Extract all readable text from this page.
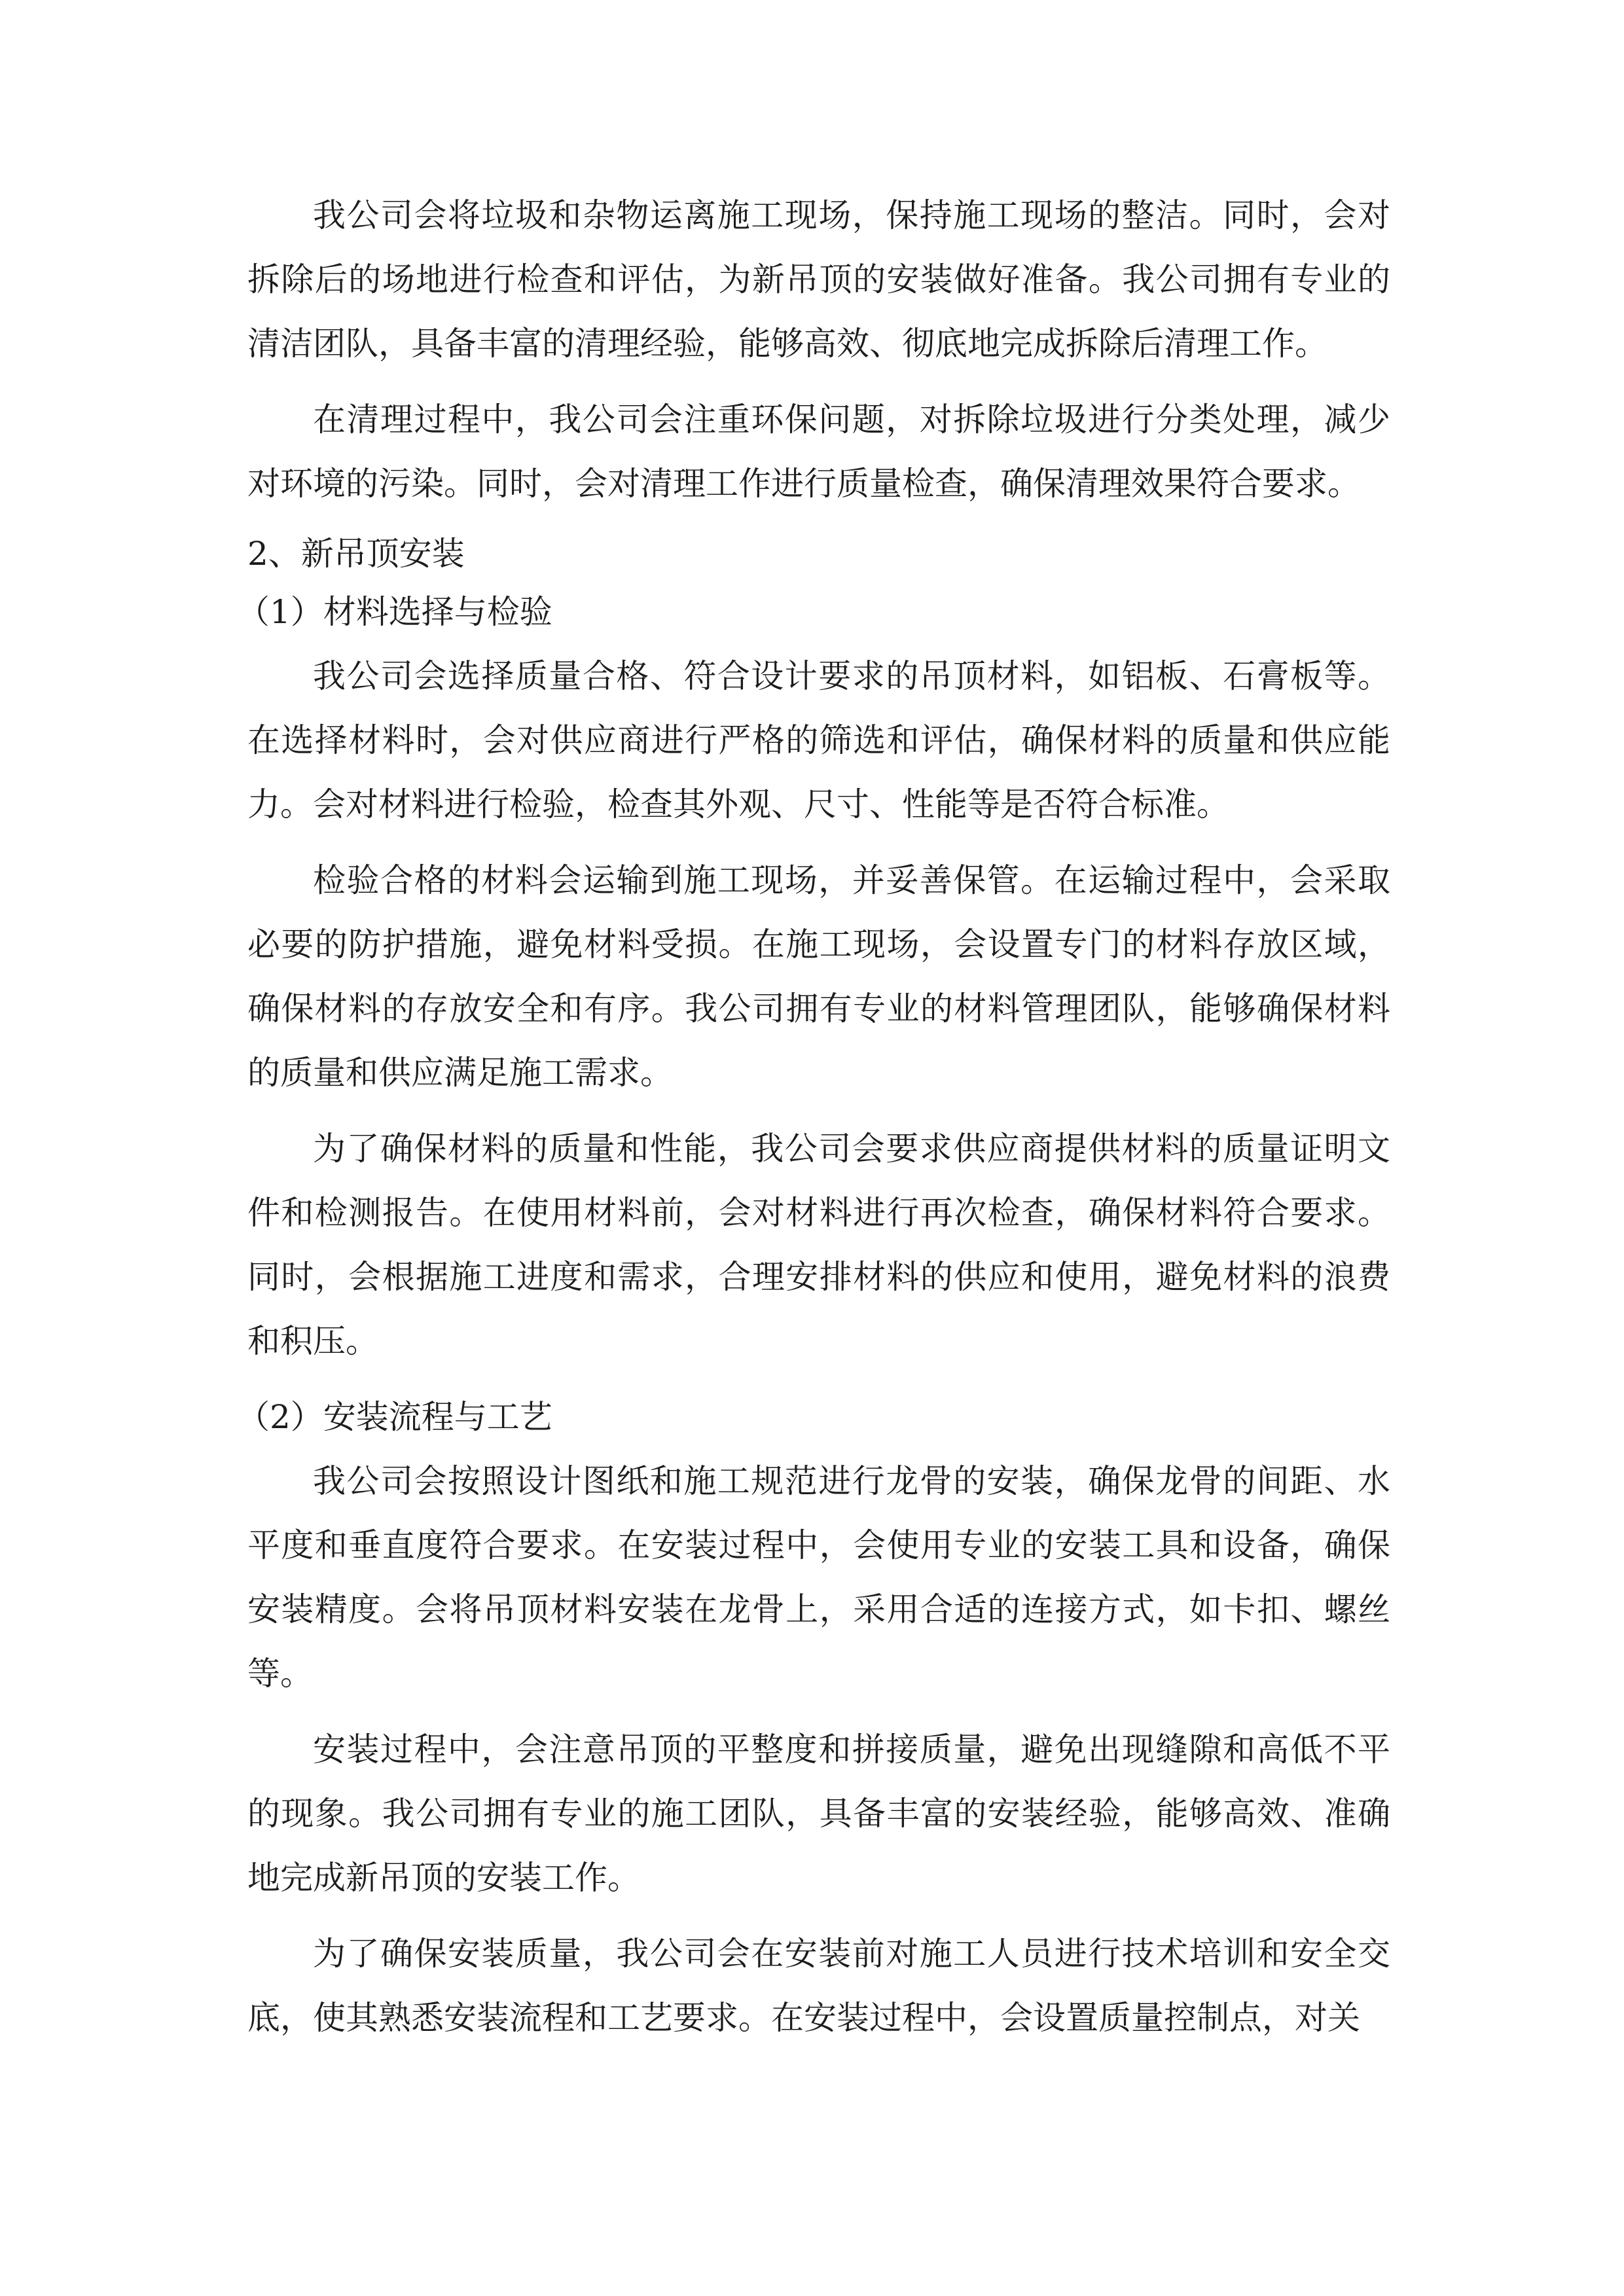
我公司会将垃圾和杂物运离施工现场，保持施工现场的整洁。同时，会对拆除后的场地进行检查和评估，为新吊顶的安装做好准备。我公司拥有专业的清洁团队，具备丰富的清理经验，能够高效、彻底地完成拆除后清理工作。

在清理过程中，我公司会注重环保问题，对拆除垃圾进行分类处理，减少对环境的污染。同时，会对清理工作进行质量检查，确保清理效果符合要求。

2、新吊顶安装

（1）材料选择与检验

我公司会选择质量合格、符合设计要求的吊顶材料，如铝板、石膏板等。在选择材料时，会对供应商进行严格的筛选和评估，确保材料的质量和供应能力。会对材料进行检验，检查其外观、尺寸、性能等是否符合标准。

检验合格的材料会运输到施工现场，并妥善保管。在运输过程中，会采取必要的防护措施，避免材料受损。在施工现场，会设置专门的材料存放区域，确保材料的存放安全和有序。我公司拥有专业的材料管理团队，能够确保材料的质量和供应满足施工需求。

为了确保材料的质量和性能，我公司会要求供应商提供材料的质量证明文件和检测报告。在使用材料前，会对材料进行再次检查，确保材料符合要求。同时，会根据施工进度和需求，合理安排材料的供应和使用，避免材料的浪费和积压。

（2）安装流程与工艺

我公司会按照设计图纸和施工规范进行龙骨的安装，确保龙骨的间距、水平度和垂直度符合要求。在安装过程中，会使用专业的安装工具和设备，确保安装精度。会将吊顶材料安装在龙骨上，采用合适的连接方式，如卡扣、螺丝等。

安装过程中，会注意吊顶的平整度和拼接质量，避免出现缝隙和高低不平的现象。我公司拥有专业的施工团队，具备丰富的安装经验，能够高效、准确地完成新吊顶的安装工作。

为了确保安装质量，我公司会在安装前对施工人员进行技术培训和安全交底，使其熟悉安装流程和工艺要求。在安装过程中，会设置质量控制点，对关
